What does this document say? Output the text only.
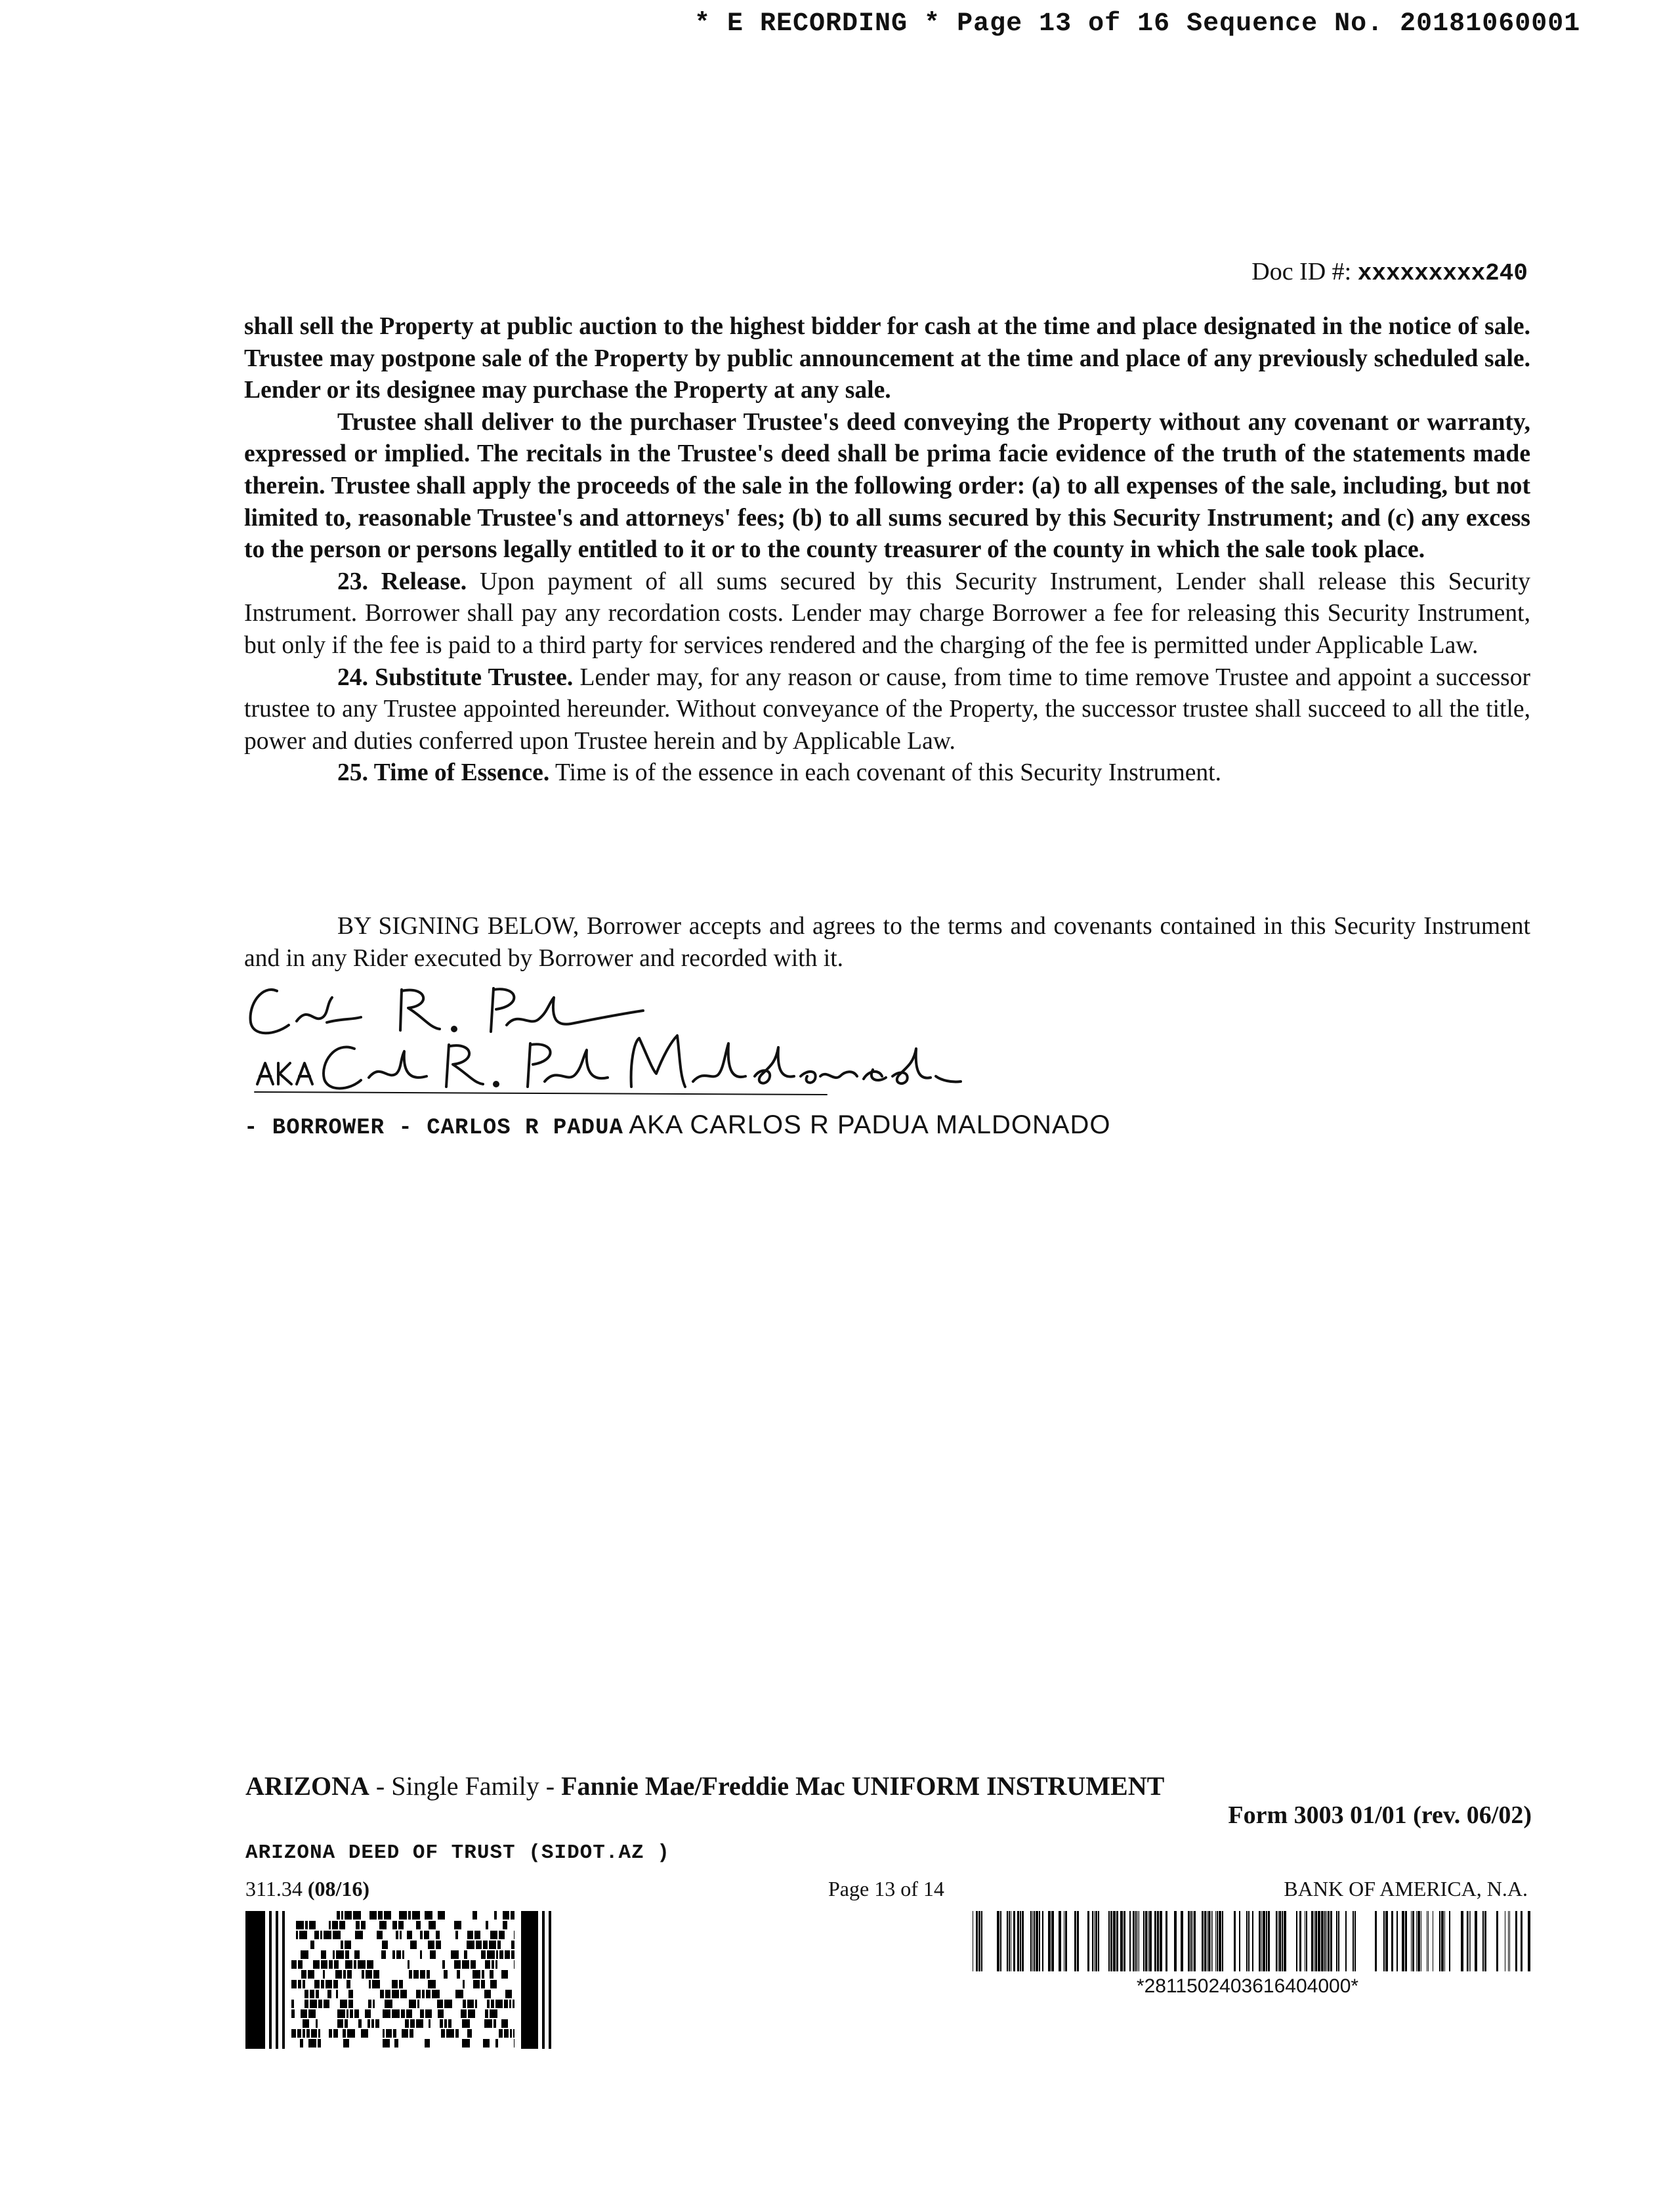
* E RECORDING * Page 13 of 16 Sequence No. 20181060001
Doc ID #: xxxxxxxxx240

shall sell the Property at public auction to the highest bidder for cash at the time and place designated in the notice of sale. Trustee may postpone sale of the Property by public announcement at the time and place of any previously scheduled sale. Lender or its designee may purchase the Property at any sale.

Trustee shall deliver to the purchaser Trustee's deed conveying the Property without any covenant or warranty, expressed or implied. The recitals in the Trustee's deed shall be prima facie evidence of the truth of the statements made therein. Trustee shall apply the proceeds of the sale in the following order: (a) to all expenses of the sale, including, but not limited to, reasonable Trustee's and attorneys' fees; (b) to all sums secured by this Security Instrument; and (c) any excess to the person or persons legally entitled to it or to the county treasurer of the county in which the sale took place.

23. Release. Upon payment of all sums secured by this Security Instrument, Lender shall release this Security Instrument. Borrower shall pay any recordation costs. Lender may charge Borrower a fee for releasing this Security Instrument, but only if the fee is paid to a third party for services rendered and the charging of the fee is permitted under Applicable Law.

24. Substitute Trustee. Lender may, for any reason or cause, from time to time remove Trustee and appoint a successor trustee to any Trustee appointed hereunder. Without conveyance of the Property, the successor trustee shall succeed to all the title, power and duties conferred upon Trustee herein and by Applicable Law.

25. Time of Essence. Time is of the essence in each covenant of this Security Instrument.

BY SIGNING BELOW, Borrower accepts and agrees to the terms and covenants contained in this Security Instrument and in any Rider executed by Borrower and recorded with it.

AKA
- BORROWER - CARLOS R PADUA AKA CARLOS R PADUA MALDONADO
ARIZONA - Single Family - Fannie Mae/Freddie Mac UNIFORM INSTRUMENT
Form 3003 01/01 (rev. 06/02)
ARIZONA DEED OF TRUST (SIDOT.AZ )
311.34 (08/16)	Page 13 of 14	BANK OF AMERICA, N.A.
*2811502403616404000*
